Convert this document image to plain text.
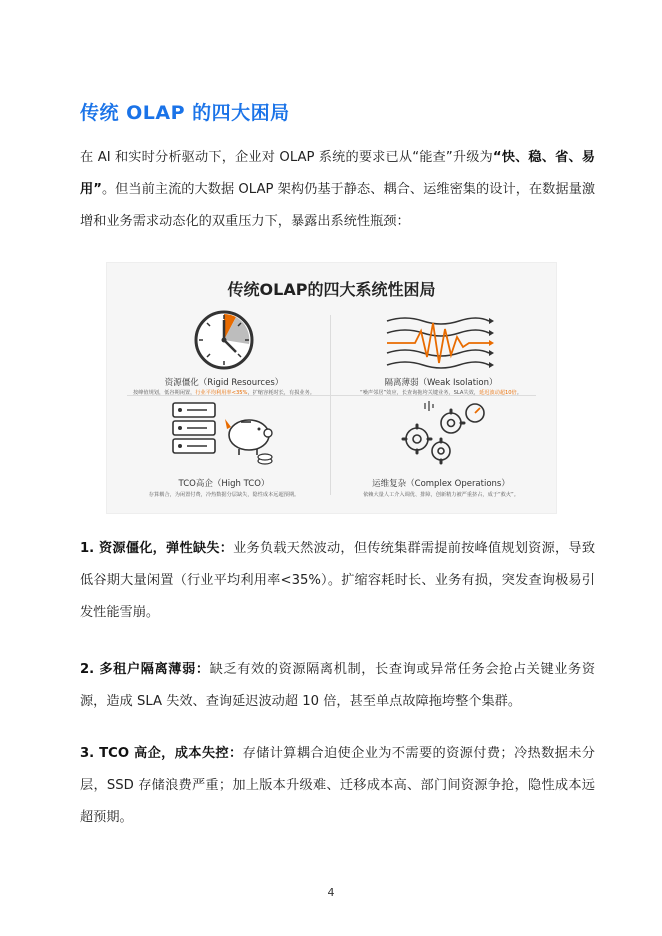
传统 OLAP 的四大困局
在 AI 和实时分析驱动下，企业对 OLAP 系统的要求已从“能查”升级为“快、稳、省、易用”。但当前主流的大数据 OLAP 架构仍基于静态、耦合、运维密集的设计，在数据量激增和业务需求动态化的双重压力下，暴露出系统性瓶颈：
传统OLAP的四大系统性困局
资源僵化（Rigid Resources）
按峰值规划，低谷期闲置，行业平均利用率<35%，扩缩容耗时长，有损业务。
隔离薄弱（Weak Isolation）
“噪声邻居”效应，长查询拖垮关键业务，SLA失效，延迟波动超10倍。
TCO高企（High TCO）
存算耦合，为闲置付费，冷热数据分层缺失，隐性成本远超预期。
运维复杂（Complex Operations）
依赖大量人工介入调优、排障，创新精力被严重挤占，成于“救火”。
1. 资源僵化，弹性缺失：业务负载天然波动，但传统集群需提前按峰值规划资源，导致低谷期大量闲置（行业平均利用率<35%）。扩缩容耗时长、业务有损，突发查询极易引发性能雪崩。
2. 多租户隔离薄弱：缺乏有效的资源隔离机制，长查询或异常任务会抢占关键业务资源，造成 SLA 失效、查询延迟波动超 10 倍，甚至单点故障拖垮整个集群。
3. TCO 高企，成本失控：存储计算耦合迫使企业为不需要的资源付费；冷热数据未分层，SSD 存储浪费严重；加上版本升级难、迁移成本高、部门间资源争抢，隐性成本远超预期。
4
